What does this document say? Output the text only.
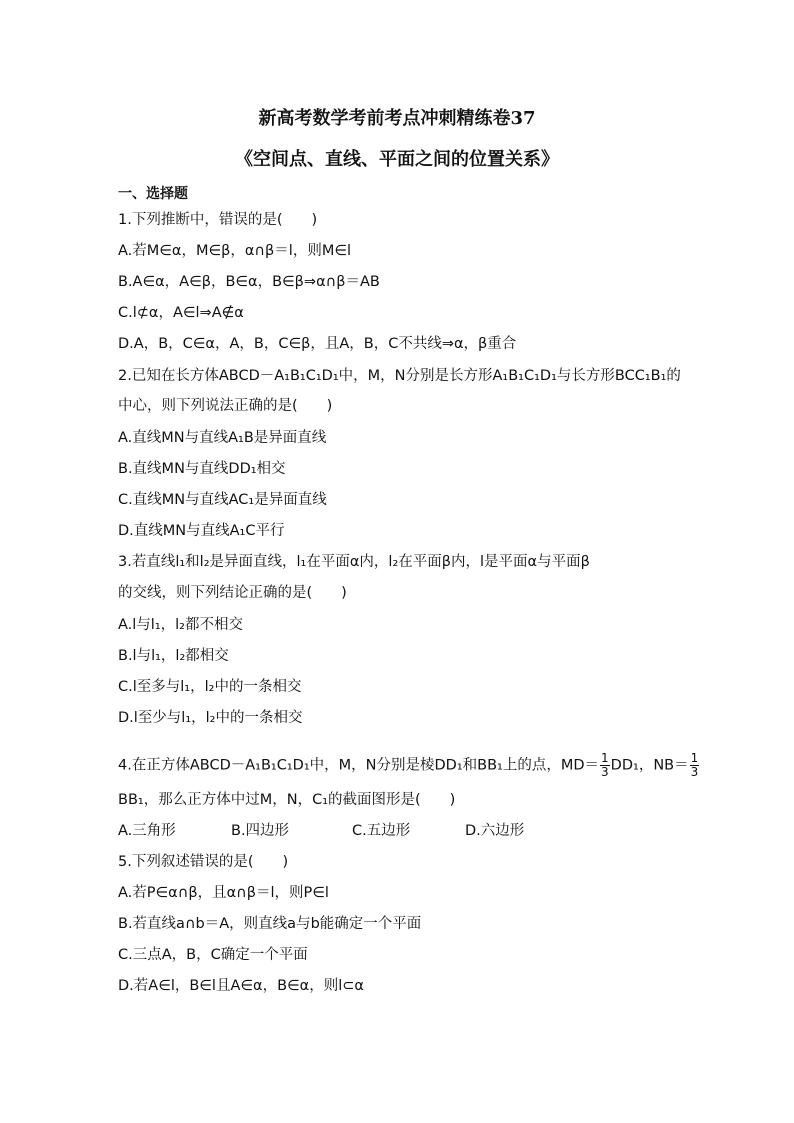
新高考数学考前考点冲刺精练卷37
《空间点、直线、平面之间的位置关系》
一、选择题
1.下列推断中，错误的是(　　)
A.若M∈α，M∈β，α∩β＝l，则M∈l
B.A∈α，A∈β，B∈α，B∈β⇒α∩β＝AB
C.l⊄α，A∈l⇒A∉α
D.A，B，C∈α，A，B，C∈β，且A，B，C不共线⇒α，β重合
2.已知在长方体ABCD－A₁B₁C₁D₁中，M，N分别是长方形A₁B₁C₁D₁与长方形BCC₁B₁的
中心，则下列说法正确的是(　　)
A.直线MN与直线A₁B是异面直线
B.直线MN与直线DD₁相交
C.直线MN与直线AC₁是异面直线
D.直线MN与直线A₁C平行
3.若直线l₁和l₂是异面直线，l₁在平面α内，l₂在平面β内，l是平面α与平面β
的交线，则下列结论正确的是(　　)
A.l与l₁，l₂都不相交
B.l与l₁，l₂都相交
C.l至多与l₁，l₂中的一条相交
D.l至少与l₁，l₂中的一条相交
4.在正方体ABCD－A₁B₁C₁D₁中，M，N分别是棱DD₁和BB₁上的点，$MD= \frac{1}{3} DD_1$，$NB= \frac{1}{3}$
BB₁，那么正方体中过M，N，C₁的截面图形是(　　)
A.三角形	B.四边形	C.五边形	D.六边形
5.下列叙述错误的是(　　)
A.若P∈α∩β，且α∩β＝l，则P∈l
B.若直线a∩b＝A，则直线a与b能确定一个平面
C.三点A，B，C确定一个平面
D.若A∈l，B∈l且A∈α，B∈α，则l⊂α
